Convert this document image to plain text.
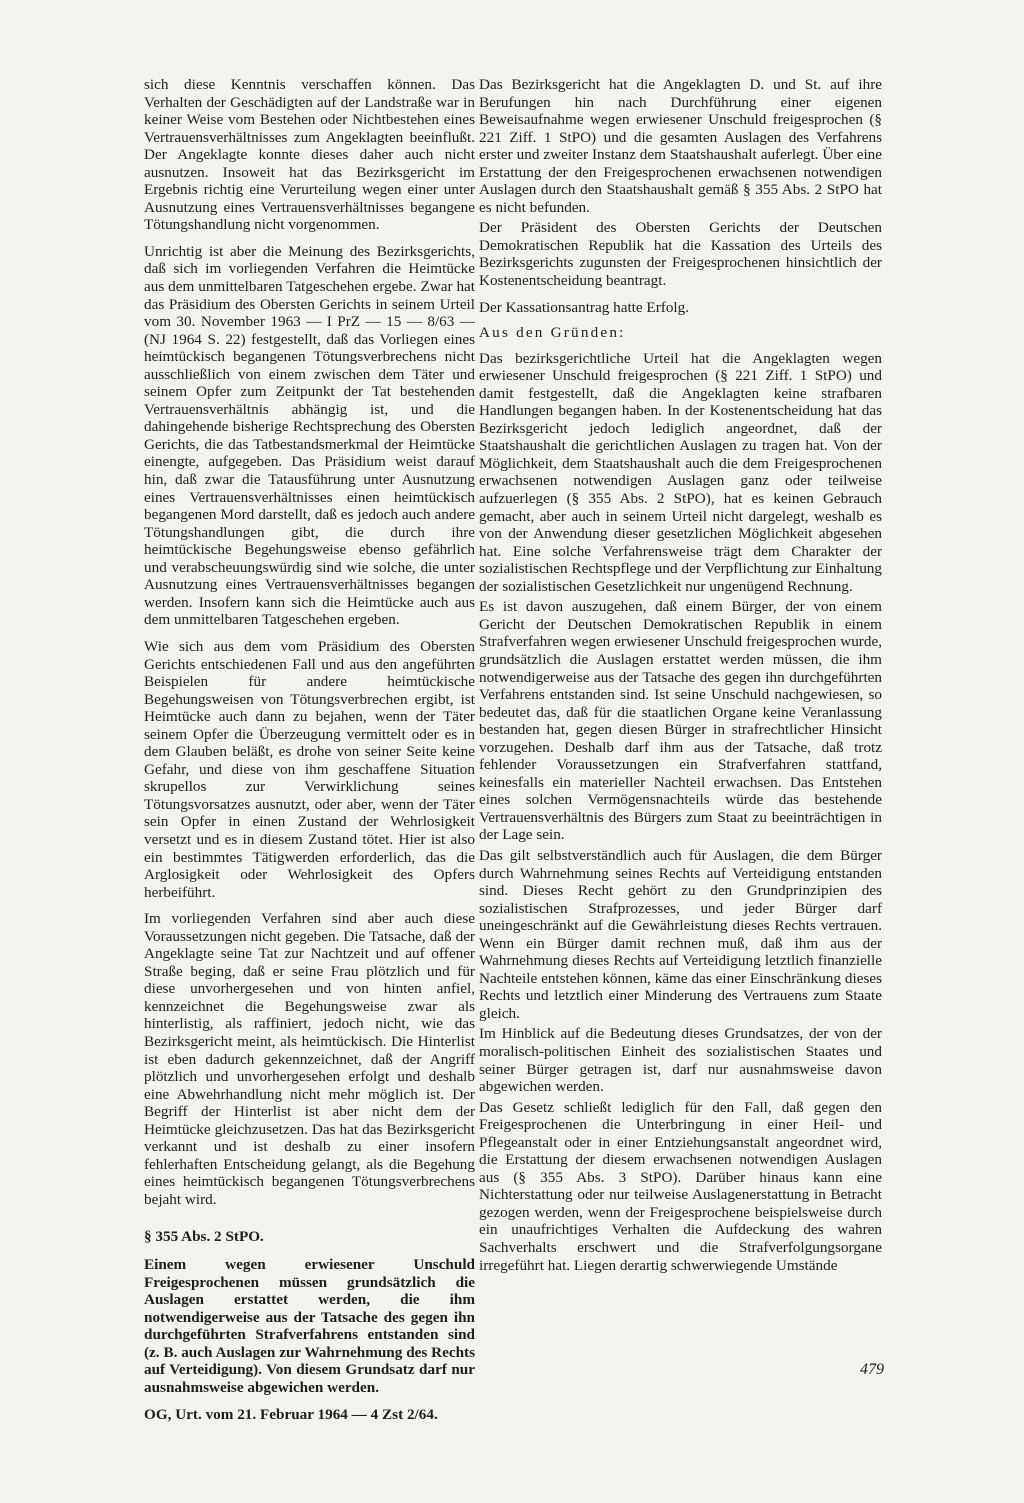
sich diese Kenntnis verschaffen können. Das Verhalten der Geschädigten auf der Landstraße war in keiner Weise vom Bestehen oder Nichtbestehen eines Vertrauensverhältnisses zum Angeklagten beeinflußt. Der Angeklagte konnte dieses daher auch nicht ausnutzen. Insoweit hat das Bezirksgericht im Ergebnis richtig eine Verurteilung wegen einer unter Ausnutzung eines Vertrauensverhältnisses begangene Tötungshandlung nicht vorgenommen.

Unrichtig ist aber die Meinung des Bezirksgerichts, daß sich im vorliegenden Verfahren die Heimtücke aus dem unmittelbaren Tatgeschehen ergebe. Zwar hat das Präsidium des Obersten Gerichts in seinem Urteil vom 30. November 1963 — I PrZ — 15 — 8/63 — (NJ 1964 S. 22) festgestellt, daß das Vorliegen eines heimtückisch begangenen Tötungsverbrechens nicht ausschließlich von einem zwischen dem Täter und seinem Opfer zum Zeitpunkt der Tat bestehenden Vertrauensverhältnis abhängig ist, und die dahingehende bisherige Rechtsprechung des Obersten Gerichts, die das Tatbestandsmerkmal der Heimtücke einengte, aufgegeben. Das Präsidium weist darauf hin, daß zwar die Tatausführung unter Ausnutzung eines Vertrauensverhältnisses einen heimtückisch begangenen Mord darstellt, daß es jedoch auch andere Tötungshandlungen gibt, die durch ihre heimtückische Begehungsweise ebenso gefährlich und verabscheuungswürdig sind wie solche, die unter Ausnutzung eines Vertrauensverhältnisses begangen werden. Insofern kann sich die Heimtücke auch aus dem unmittelbaren Tatgeschehen ergeben.

Wie sich aus dem vom Präsidium des Obersten Gerichts entschiedenen Fall und aus den angeführten Beispielen für andere heimtückische Begehungsweisen von Tötungsverbrechen ergibt, ist Heimtücke auch dann zu bejahen, wenn der Täter seinem Opfer die Überzeugung vermittelt oder es in dem Glauben beläßt, es drohe von seiner Seite keine Gefahr, und diese von ihm geschaffene Situation skrupellos zur Verwirklichung seines Tötungsvorsatzes ausnutzt, oder aber, wenn der Täter sein Opfer in einen Zustand der Wehrlosigkeit versetzt und es in diesem Zustand tötet. Hier ist also ein bestimmtes Tätigwerden erforderlich, das die Arglosigkeit oder Wehrlosigkeit des Opfers herbeiführt.

Im vorliegenden Verfahren sind aber auch diese Voraussetzungen nicht gegeben. Die Tatsache, daß der Angeklagte seine Tat zur Nachtzeit und auf offener Straße beging, daß er seine Frau plötzlich und für diese unvorhergesehen und von hinten anfiel, kennzeichnet die Begehungsweise zwar als hinterlistig, als raffiniert, jedoch nicht, wie das Bezirksgericht meint, als heimtückisch. Die Hinterlist ist eben dadurch gekennzeichnet, daß der Angriff plötzlich und unvorhergesehen erfolgt und deshalb eine Abwehrhandlung nicht mehr möglich ist. Der Begriff der Hinterlist ist aber nicht dem der Heimtücke gleichzusetzen. Das hat das Bezirksgericht verkannt und ist deshalb zu einer insofern fehlerhaften Entscheidung gelangt, als die Begehung eines heimtückisch begangenen Tötungsverbrechens bejaht wird.

§ 355 Abs. 2 StPO.

Einem wegen erwiesener Unschuld Freigesprochenen müssen grundsätzlich die Auslagen erstattet werden, die ihm notwendigerweise aus der Tatsache des gegen ihn durchgeführten Strafverfahrens entstanden sind (z. B. auch Auslagen zur Wahrnehmung des Rechts auf Verteidigung). Von diesem Grundsatz darf nur ausnahmsweise abgewichen werden.

OG, Urt. vom 21. Februar 1964 — 4 Zst 2/64.

Das Bezirksgericht hat die Angeklagten D. und St. auf ihre Berufungen hin nach Durchführung einer eigenen Beweisaufnahme wegen erwiesener Unschuld freigesprochen (§ 221 Ziff. 1 StPO) und die gesamten Auslagen des Verfahrens erster und zweiter Instanz dem Staatshaushalt auferlegt. Über eine Erstattung der den Freigesprochenen erwachsenen notwendigen Auslagen durch den Staatshaushalt gemäß § 355 Abs. 2 StPO hat es nicht befunden.

Der Präsident des Obersten Gerichts der Deutschen Demokratischen Republik hat die Kassation des Urteils des Bezirksgerichts zugunsten der Freigesprochenen hinsichtlich der Kostenentscheidung beantragt.

Der Kassationsantrag hatte Erfolg.

Aus den Gründen:

Das bezirksgerichtliche Urteil hat die Angeklagten wegen erwiesener Unschuld freigesprochen (§ 221 Ziff. 1 StPO) und damit festgestellt, daß die Angeklagten keine strafbaren Handlungen begangen haben. In der Kostenentscheidung hat das Bezirksgericht jedoch lediglich angeordnet, daß der Staatshaushalt die gerichtlichen Auslagen zu tragen hat. Von der Möglichkeit, dem Staatshaushalt auch die dem Freigesprochenen erwachsenen notwendigen Auslagen ganz oder teilweise aufzuerlegen (§ 355 Abs. 2 StPO), hat es keinen Gebrauch gemacht, aber auch in seinem Urteil nicht dargelegt, weshalb es von der Anwendung dieser gesetzlichen Möglichkeit abgesehen hat. Eine solche Verfahrensweise trägt dem Charakter der sozialistischen Rechtspflege und der Verpflichtung zur Einhaltung der sozialistischen Gesetzlichkeit nur ungenügend Rechnung.

Es ist davon auszugehen, daß einem Bürger, der von einem Gericht der Deutschen Demokratischen Republik in einem Strafverfahren wegen erwiesener Unschuld freigesprochen wurde, grundsätzlich die Auslagen erstattet werden müssen, die ihm notwendigerweise aus der Tatsache des gegen ihn durchgeführten Verfahrens entstanden sind. Ist seine Unschuld nachgewiesen, so bedeutet das, daß für die staatlichen Organe keine Veranlassung bestanden hat, gegen diesen Bürger in strafrechtlicher Hinsicht vorzugehen. Deshalb darf ihm aus der Tatsache, daß trotz fehlender Voraussetzungen ein Strafverfahren stattfand, keinesfalls ein materieller Nachteil erwachsen. Das Entstehen eines solchen Vermögensnachteils würde das bestehende Vertrauensverhältnis des Bürgers zum Staat zu beeinträchtigen in der Lage sein.

Das gilt selbstverständlich auch für Auslagen, die dem Bürger durch Wahrnehmung seines Rechts auf Verteidigung entstanden sind. Dieses Recht gehört zu den Grundprinzipien des sozialistischen Strafprozesses, und jeder Bürger darf uneingeschränkt auf die Gewährleistung dieses Rechts vertrauen. Wenn ein Bürger damit rechnen muß, daß ihm aus der Wahrnehmung dieses Rechts auf Verteidigung letztlich finanzielle Nachteile entstehen können, käme das einer Einschränkung dieses Rechts und letztlich einer Minderung des Vertrauens zum Staate gleich.

Im Hinblick auf die Bedeutung dieses Grundsatzes, der von der moralisch-politischen Einheit des sozialistischen Staates und seiner Bürger getragen ist, darf nur ausnahmsweise davon abgewichen werden.

Das Gesetz schließt lediglich für den Fall, daß gegen den Freigesprochenen die Unterbringung in einer Heil- und Pflegeanstalt oder in einer Entziehungsanstalt angeordnet wird, die Erstattung der diesem erwachsenen notwendigen Auslagen aus (§ 355 Abs. 3 StPO). Darüber hinaus kann eine Nichterstattung oder nur teilweise Auslagenerstattung in Betracht gezogen werden, wenn der Freigesprochene beispielsweise durch ein unaufrichtiges Verhalten die Aufdeckung des wahren Sachverhalts erschwert und die Strafverfolgungsorgane irregeführt hat. Liegen derartig schwerwiegende Umstände

479
